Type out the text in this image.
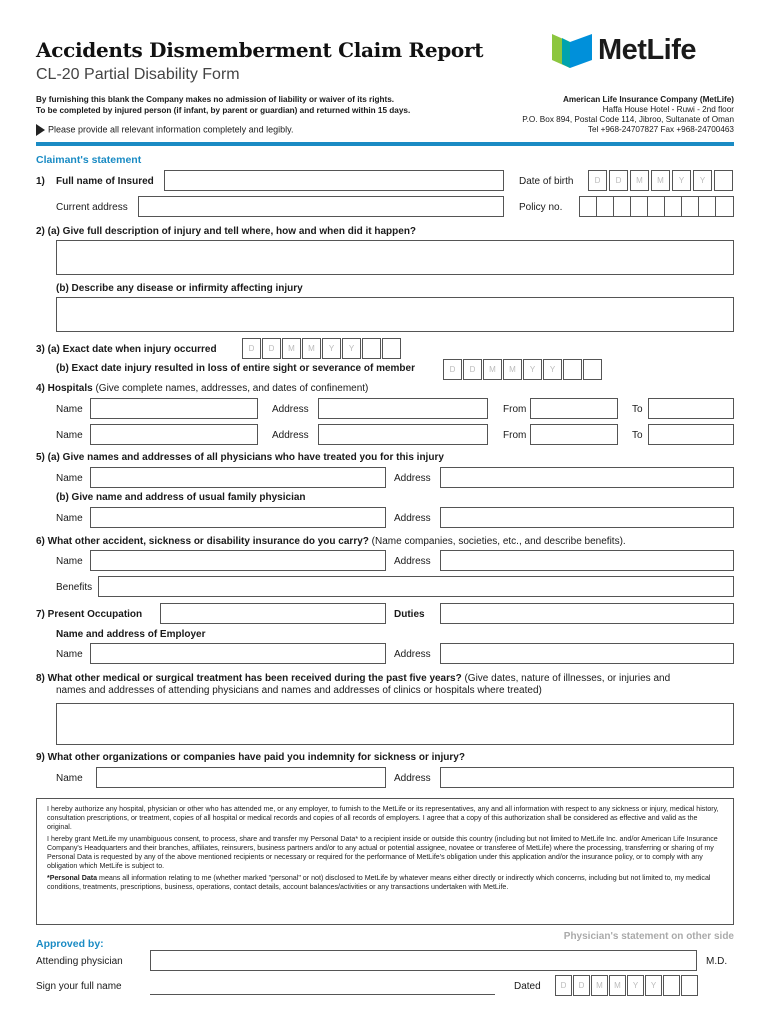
Accidents Dismemberment Claim Report
CL-20 Partial Disability Form
MetLife
By furnishing this blank the Company makes no admission of liability or waiver of its rights.
To be completed by injured person (if infant, by parent or guardian) and returned within 15 days.
Please provide all relevant information completely and legibly.
American Life Insurance Company (MetLife)
Haffa House Hotel - Ruwi - 2nd floor
P.O. Box 894, Postal Code 114, Jibroo, Sultanate of Oman
Tel +968-24707827 Fax +968-24700463
Claimant's statement
1) Full name of Insured	Date of birth	D	D	M	M	Y	Y
Current address	Policy no.
2) (a) Give full description of injury and tell where, how and when did it happen?
(b) Describe any disease or infirmity affecting injury
3) (a) Exact date when injury occurred	D	D	M	M	Y	Y
(b) Exact date injury resulted in loss of entire sight or severance of member	D	D	M	M	Y	Y
4) Hospitals (Give complete names, addresses, and dates of confinement)
Name	Address	From	To
Name	Address	From	To
5) (a) Give names and addresses of all physicians who have treated you for this injury
Name	Address
(b) Give name and address of usual family physician
Name	Address
6) What other accident, sickness or disability insurance do you carry? (Name companies, societies, etc., and describe benefits).
Name	Address
Benefits
7) Present Occupation	Duties
Name and address of Employer
Name	Address
8) What other medical or surgical treatment has been received during the past five years? (Give dates, nature of illnesses, or injuries and
names and addresses of attending physicians and names and addresses of clinics or hospitals where treated)
9) What other organizations or companies have paid you indemnity for sickness or injury?
Name	Address

I hereby authorize any hospital, physician or other who has attended me, or any employer, to furnish to the MetLife or its representatives, any and all information with respect to any sickness or injury, medical history, consultation prescriptions, or treatment, copies of all hospital or medical records and copies of all records of employers. I agree that a copy of this authorization shall be considered as effective and valid as the original.

I hereby grant MetLife my unambiguous consent, to process, share and transfer my Personal Data* to a recipient inside or outside this country (including but not limited to MetLife Inc. and/or American Life Insurance Company's Headquarters and their branches, affiliates, reinsurers, business partners and/or to any actual or potential assignee, novatee or transferee of MetLife) where the processing, transferring or sharing of my Personal Data is requested by any of the above mentioned recipients or necessary or required for the performance of MetLife's obligation under this application and/or the insurance policy, or to comply with any obligation which MetLife is subject to.

*Personal Data means all information relating to me (whether marked "personal" or not) disclosed to MetLife by whatever means either directly or indirectly which concerns, including but not limited to, my medical conditions, treatments, prescriptions, business, operations, contact details, account balances/activities or any transactions undertaken with MetLife.

Physician's statement on other side
Approved by:
Attending physician	M.D.
Sign your full name	Dated	D	D	M	M	Y	Y
